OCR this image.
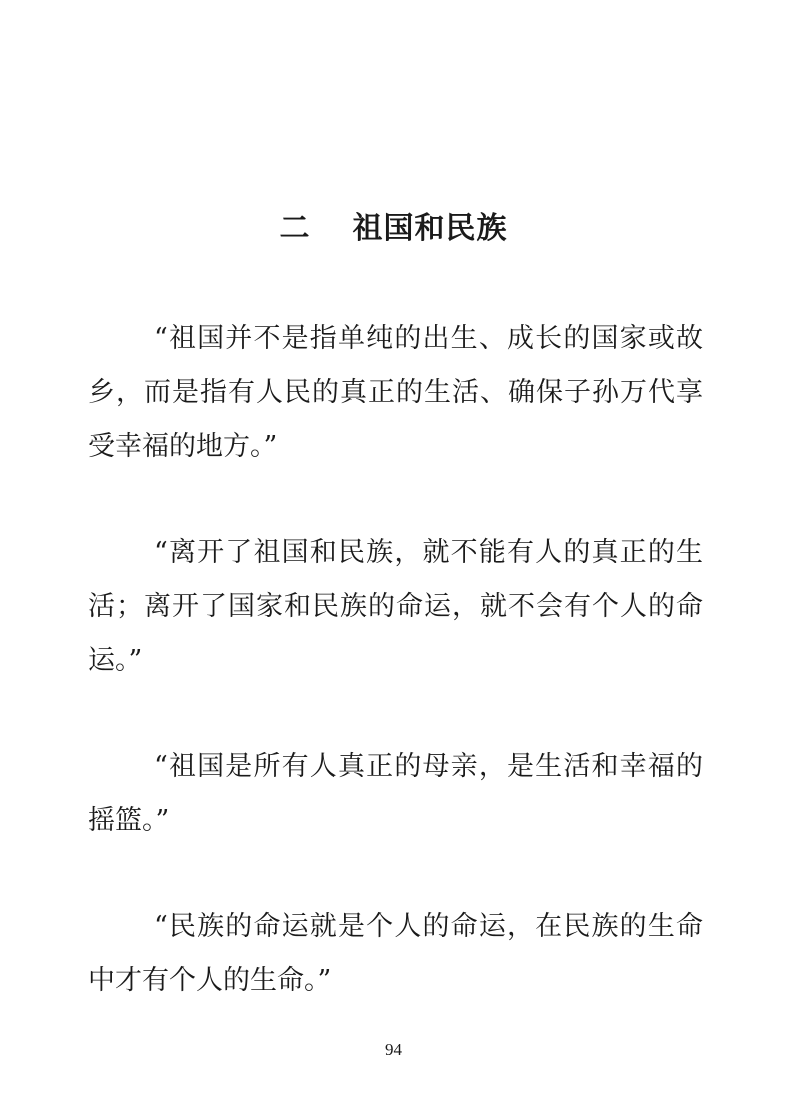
二 祖国和民族

“祖国并不是指单纯的出生、成长的国家或故乡，而是指有人民的真正的生活、确保子孙万代享受幸福的地方。”

“离开了祖国和民族，就不能有人的真正的生活；离开了国家和民族的命运，就不会有个人的命运。”

“祖国是所有人真正的母亲，是生活和幸福的摇篮。”

“民族的命运就是个人的命运，在民族的生命中才有个人的生命。”

94
